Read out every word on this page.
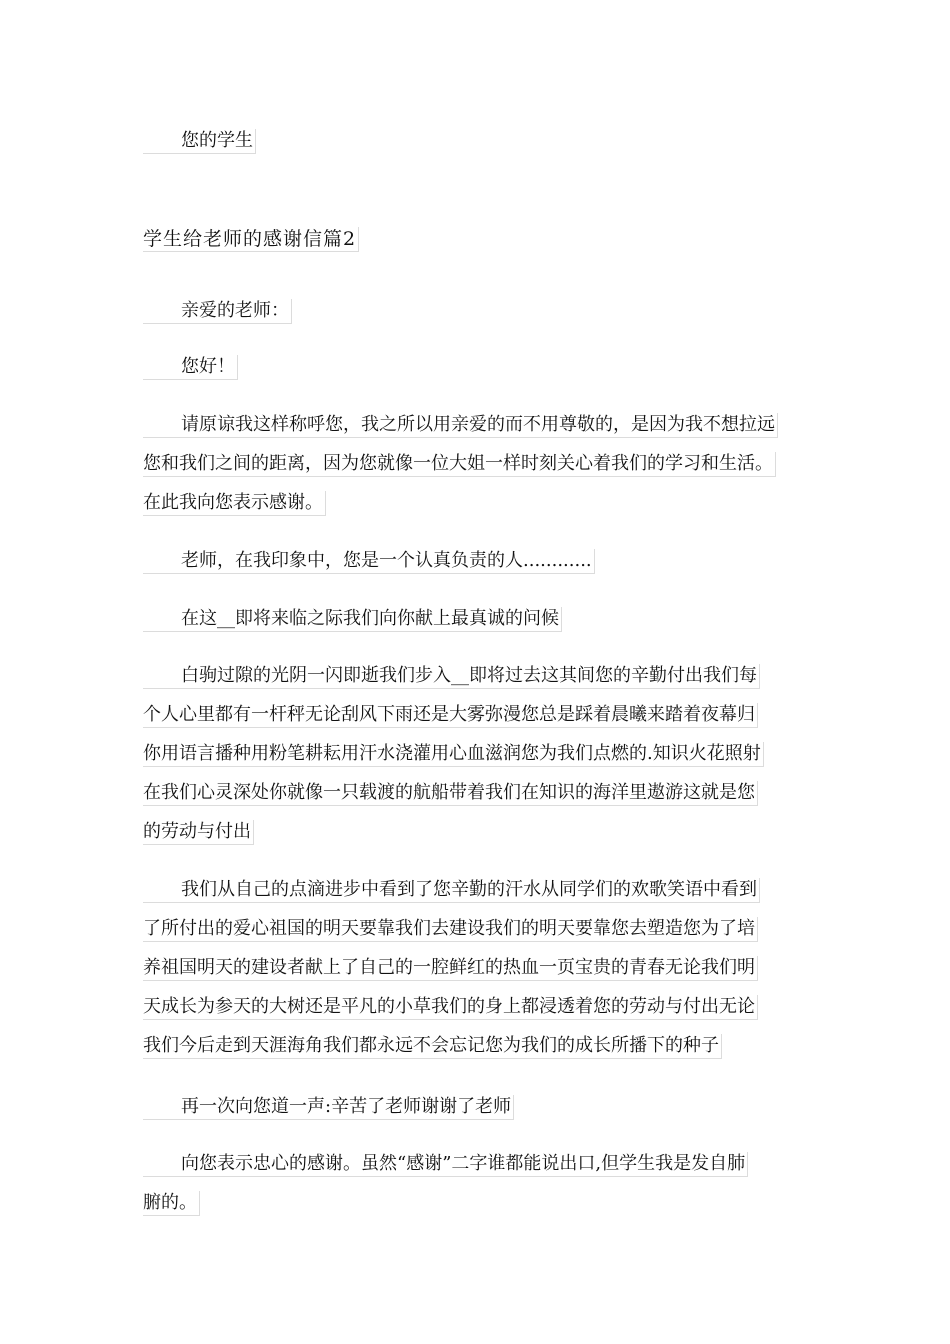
您的学生
学生给老师的感谢信篇2
亲爱的老师：
您好！
请原谅我这样称呼您，我之所以用亲爱的而不用尊敬的，是因为我不想拉远
您和我们之间的距离，因为您就像一位大姐一样时刻关心着我们的学习和生活。
在此我向您表示感谢。
老师，在我印象中，您是一个认真负责的人............
在这__即将来临之际我们向你献上最真诚的问候
白驹过隙的光阴一闪即逝我们步入__即将过去这其间您的辛勤付出我们每
个人心里都有一杆秤无论刮风下雨还是大雾弥漫您总是踩着晨曦来踏着夜幕归
你用语言播种用粉笔耕耘用汗水浇灌用心血滋润您为我们点燃的.知识火花照射
在我们心灵深处你就像一只载渡的航船带着我们在知识的海洋里遨游这就是您
的劳动与付出
我们从自己的点滴进步中看到了您辛勤的汗水从同学们的欢歌笑语中看到
了所付出的爱心祖国的明天要靠我们去建设我们的明天要靠您去塑造您为了培
养祖国明天的建设者献上了自己的一腔鲜红的热血一页宝贵的青春无论我们明
天成长为参天的大树还是平凡的小草我们的身上都浸透着您的劳动与付出无论
我们今后走到天涯海角我们都永远不会忘记您为我们的成长所播下的种子
再一次向您道一声:辛苦了老师谢谢了老师
向您表示忠心的感谢。虽然“感谢”二字谁都能说出口,但学生我是发自肺
腑的。
